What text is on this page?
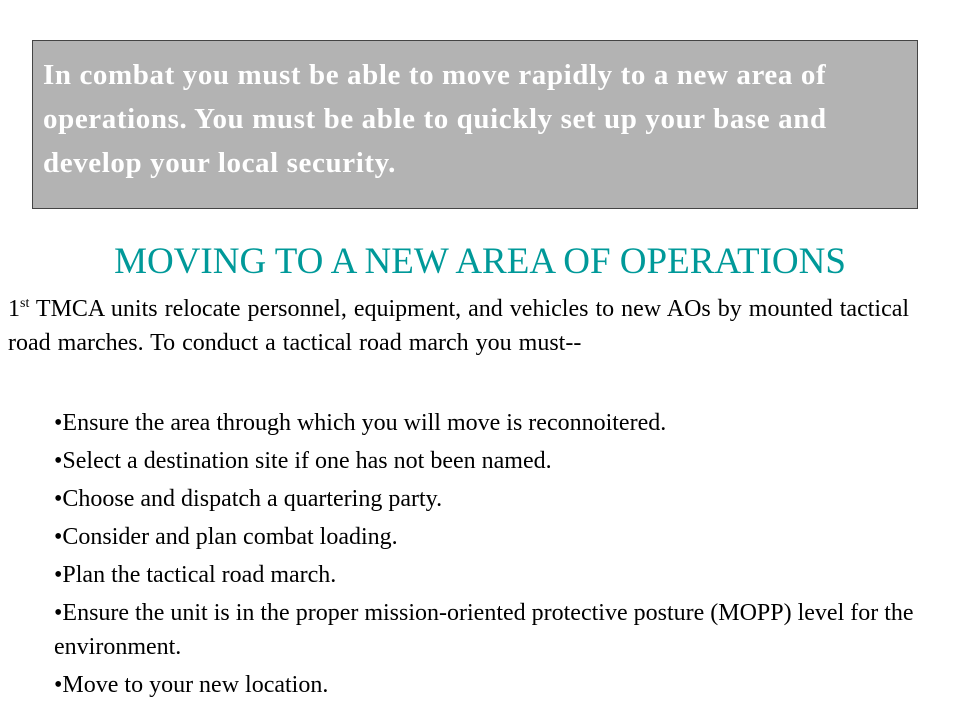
In combat you must be able to move rapidly to a new area of operations. You must be able to quickly set up your base and develop your local security.

MOVING TO A NEW AREA OF OPERATIONS

1st TMCA units relocate personnel, equipment, and vehicles to new AOs by mounted tactical road marches. To conduct a tactical road march you must--

•Ensure the area through which you will move is reconnoitered.
•Select a destination site if one has not been named.
•Choose and dispatch a quartering party.
•Consider and plan combat loading.
•Plan the tactical road march.
•Ensure the unit is in the proper mission-oriented protective posture (MOPP) level for the environment.
•Move to your new location.
